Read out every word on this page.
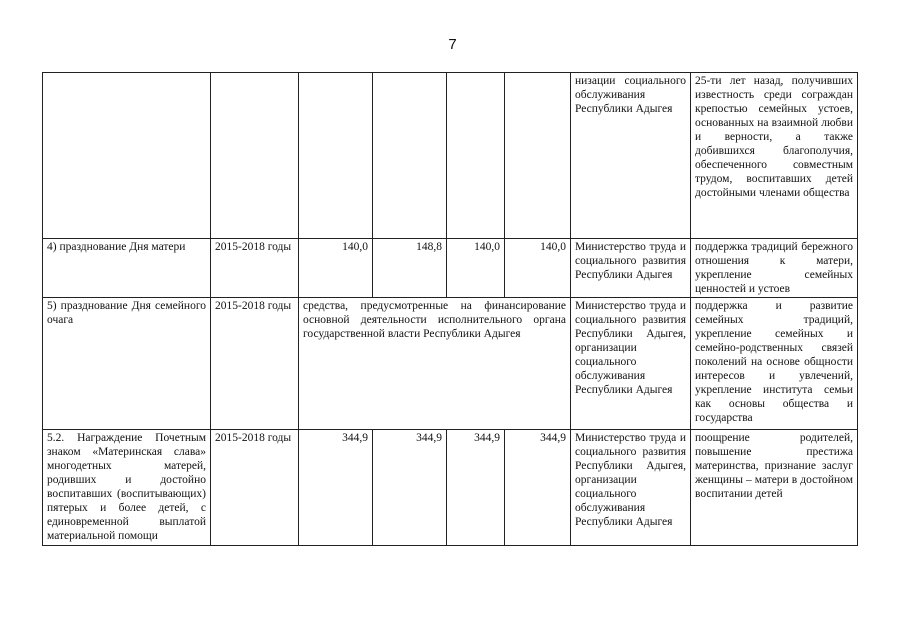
7
						низации социального обслуживания Республики Адыгея	25-ти лет назад, получивших известность среди сограждан крепостью семейных устоев, основанных на взаимной любви и верности, а также добившихся благополучия, обеспеченного совместным трудом, воспитавших детей достойными членами общества
4) празднование Дня матери	2015-2018 годы	140,0	148,8	140,0	140,0	Министерство труда и социального развития Республики Адыгея	поддержка традиций бережного отношения к матери, укрепление семейных ценностей и устоев
5) празднование Дня семейного очага	2015-2018 годы	средства, предусмотренные на финансирование основной деятельности исполнительного органа государственной власти Республики Адыгея				Министерство труда и социального развития Республики Адыгея, организации социального обслуживания Республики Адыгея	поддержка и развитие семейных традиций, укрепление семейных и семейно-родственных связей поколений на основе общности интересов и увлечений, укрепление института семьи как основы общества и государства
5.2. Награждение Почетным знаком «Материнская слава» многодетных матерей, родивших и достойно воспитавших (воспитывающих) пятерых и более детей, с единовременной выплатой материальной помощи	2015-2018 годы	344,9	344,9	344,9	344,9	Министерство труда и социального развития Республики Адыгея, организации социального обслуживания Республики Адыгея	поощрение родителей, повышение престижа материнства, признание заслуг женщины – матери в достойном воспитании детей
